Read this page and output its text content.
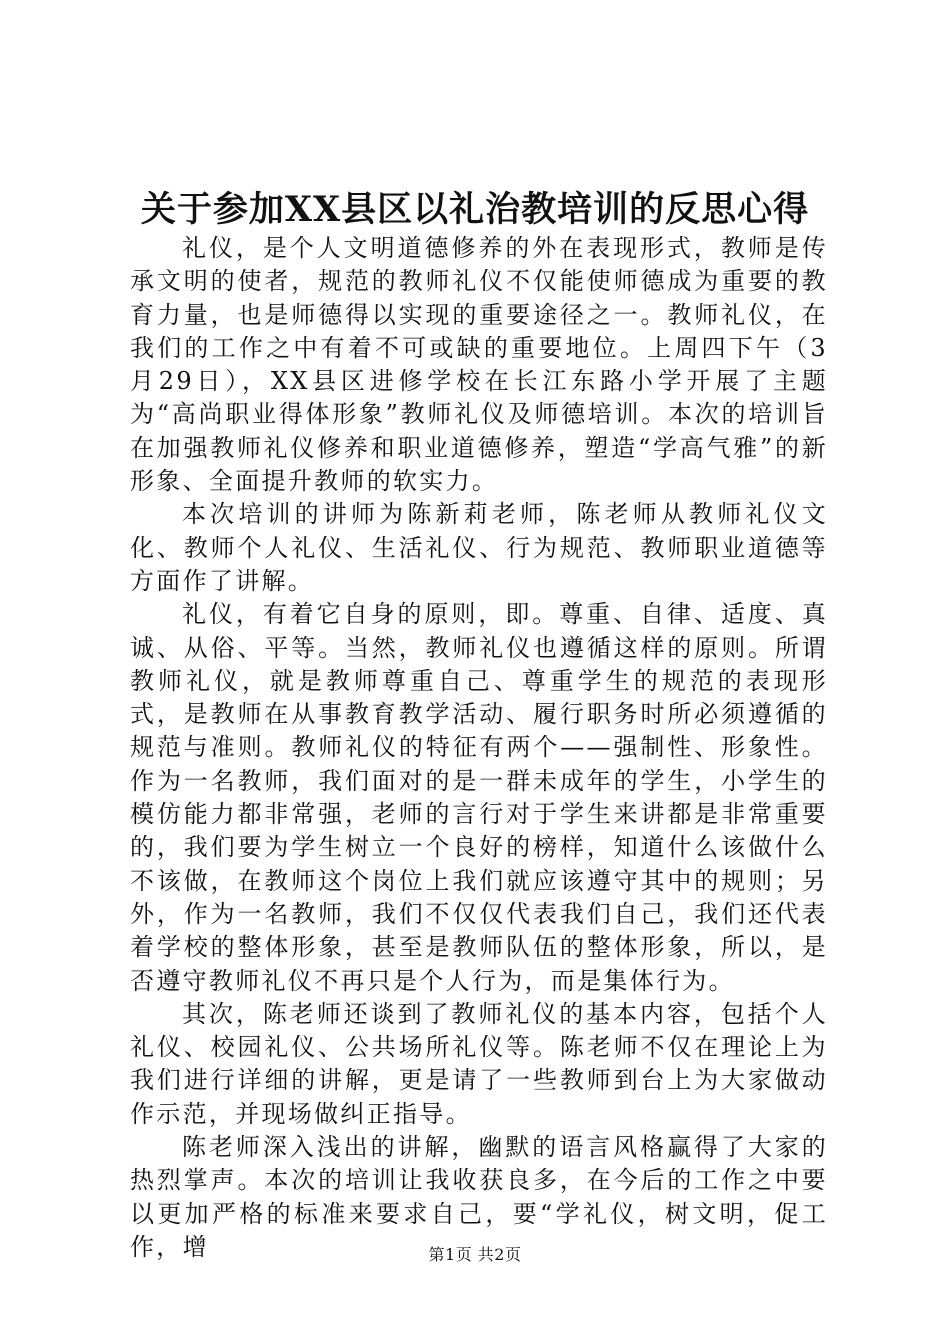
关于参加XX县区以礼治教培训的反思心得

礼仪，是个人文明道德修养的外在表现形式，教师是传承文明的使者，规范的教师礼仪不仅能使师德成为重要的教育力量，也是师德得以实现的重要途径之一。教师礼仪，在我们的工作之中有着不可或缺的重要地位。上周四下午（3月29日），XX县区进修学校在长江东路小学开展了主题为“高尚职业得体形象”教师礼仪及师德培训。本次的培训旨在加强教师礼仪修养和职业道德修养，塑造“学高气雅”的新形象、全面提升教师的软实力。

本次培训的讲师为陈新莉老师，陈老师从教师礼仪文化、教师个人礼仪、生活礼仪、行为规范、教师职业道德等方面作了讲解。

礼仪，有着它自身的原则，即。尊重、自律、适度、真诚、从俗、平等。当然，教师礼仪也遵循这样的原则。所谓教师礼仪，就是教师尊重自己、尊重学生的规范的表现形式，是教师在从事教育教学活动、履行职务时所必须遵循的规范与准则。教师礼仪的特征有两个——强制性、形象性。作为一名教师，我们面对的是一群未成年的学生，小学生的模仿能力都非常强，老师的言行对于学生来讲都是非常重要的，我们要为学生树立一个良好的榜样，知道什么该做什么不该做，在教师这个岗位上我们就应该遵守其中的规则；另外，作为一名教师，我们不仅仅代表我们自己，我们还代表着学校的整体形象，甚至是教师队伍的整体形象，所以，是否遵守教师礼仪不再只是个人行为，而是集体行为。

其次，陈老师还谈到了教师礼仪的基本内容，包括个人礼仪、校园礼仪、公共场所礼仪等。陈老师不仅在理论上为我们进行详细的讲解，更是请了一些教师到台上为大家做动作示范，并现场做纠正指导。

陈老师深入浅出的讲解，幽默的语言风格赢得了大家的热烈掌声。本次的培训让我收获良多，在今后的工作之中要以更加严格的标准来要求自己，要“学礼仪，树文明，促工作，增	第1页 共2页
